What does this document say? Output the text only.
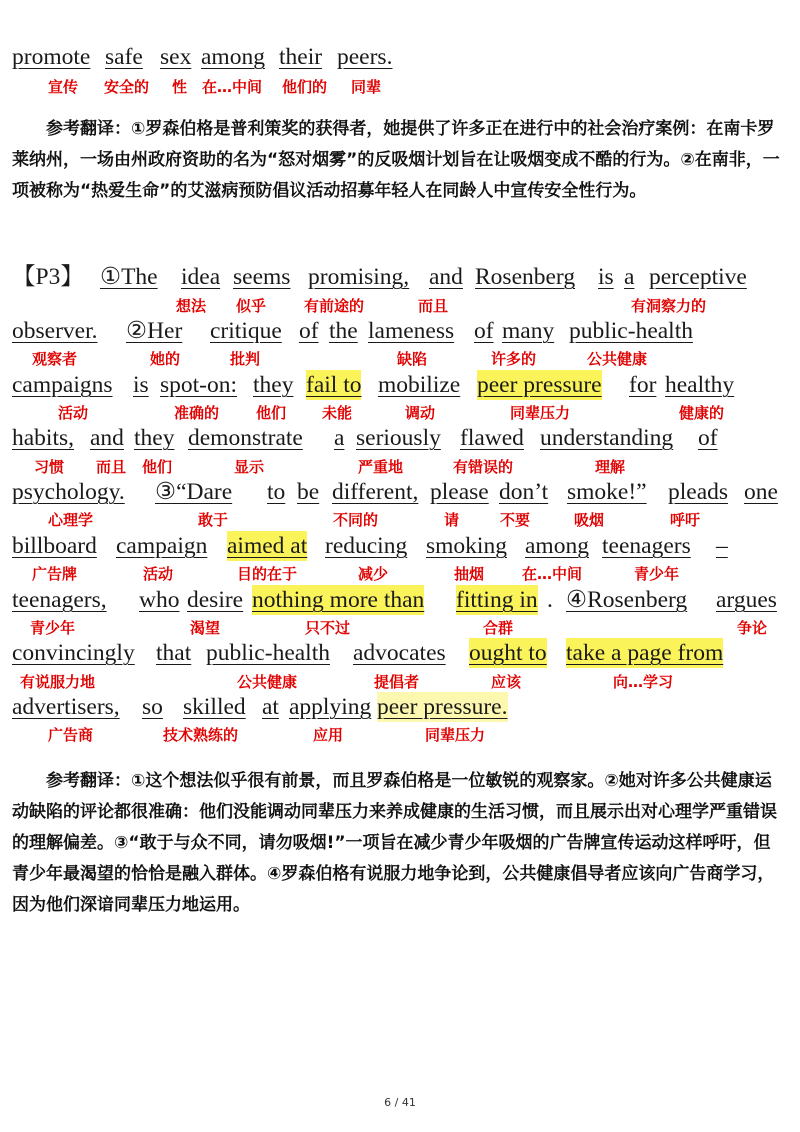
promote safe sex among their peers.
宣传 安全的 性 在…中间 他们的 同辈

参考翻译：①罗森伯格是普利策奖的获得者，她提供了许多正在进行中的社会治疗案例：在南卡罗莱纳州，一场由州政府资助的名为“怒对烟雾”的反吸烟计划旨在让吸烟变成不酷的行为。②在南非，一项被称为“热爱生命”的艾滋病预防倡议活动招募年轻人在同龄人中宣传安全性行为。

【P3】 ①The idea seems promising, and Rosenberg is a perceptive
想法 似乎	有前途的	而且	有洞察力的
observer. ②Her critique of the lameness of many public-health
观察者	她的	批判	缺陷	许多的	公共健康
campaigns is spot-on: they fail to mobilize peer pressure for healthy
活动	准确的 他们 未能	调动	同辈压力	健康的
habits, and they demonstrate a seriously flawed understanding of
习惯 而且 他们	显示	严重地	有错误的	理解
psychology. ③“Dare to be different, please don’t smoke!” pleads one
心理学	敢于	不同的	请	不要	吸烟	呼吁
billboard campaign aimed at reducing smoking among teenagers –
广告牌	活动	目的在于	减少	抽烟	在…中间	青少年
teenagers, who desire nothing more than fitting in . ④Rosenberg argues
青少年	渴望	只不过	合群	争论
convincingly that public-health advocates ought to take a page from
有说服力地	公共健康	提倡者	应该	向…学习
advertisers, so skilled at applying peer pressure.
广告商	技术熟练的	应用	同辈压力

参考翻译：①这个想法似乎很有前景，而且罗森伯格是一位敏锐的观察家。②她对许多公共健康运动缺陷的评论都很准确：他们没能调动同辈压力来养成健康的生活习惯，而且展示出对心理学严重错误的理解偏差。③“敢于与众不同，请勿吸烟!”一项旨在减少青少年吸烟的广告牌宣传运动这样呼吁，但青少年最渴望的恰恰是融入群体。④罗森伯格有说服力地争论到，公共健康倡导者应该向广告商学习，因为他们深谙同辈压力地运用。

6 / 41
